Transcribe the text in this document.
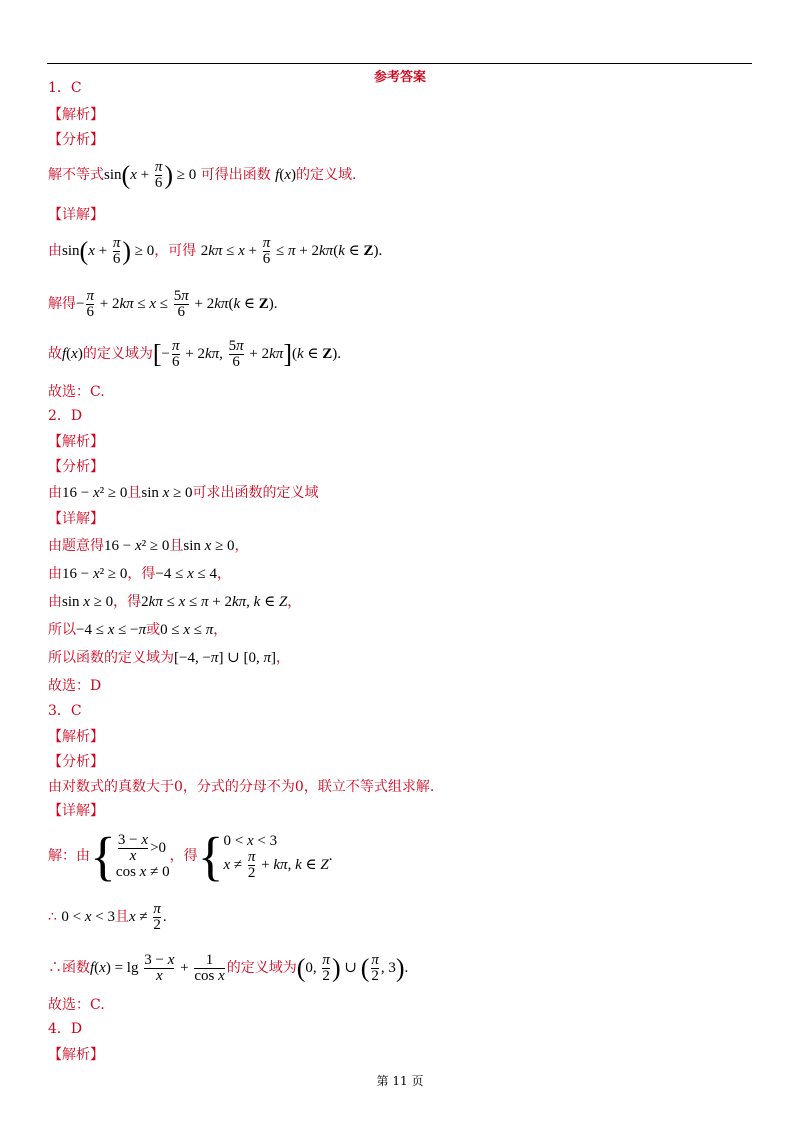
参考答案
1．C
【解析】
【分析】
解不等式$\sin(x + \frac{\pi}{6}$ ) ≥ 0 可得出函数 f(x)的定义域.
【详解】
由$\sin(x + \frac{\pi}{6}$ ) ≥ 0，可得 $2k\pi \le x + \frac{\pi}{6} \le \pi + 2k\pi(k$ ∈ Z).
解得− $\frac{\pi}{6} + 2k\pi \le x \le \frac{5\pi}{6} + 2k\pi(k$ ∈ Z).
故f(x)的定义域为[− $\frac{\pi}{6} + 2k\pi$, $\frac{5\pi}{6} + 2k\pi](k$ ∈ Z).
故选：C.
2．D
【解析】
【分析】
由16 − x² ≥ 0且sin x ≥ 0可求出函数的定义域
【详解】
由题意得16 − x² ≥ 0且sin x ≥ 0，
由16 − x² ≥ 0，得−4 ≤ x ≤ 4，
由sin x ≥ 0，得2kπ ≤ x ≤ π + 2kπ, k ∈ Z，
所以−4 ≤ x ≤ −π或0 ≤ x ≤ π，
所以函数的定义域为[−4, −π] ∪ [0, π]，
故选：D
3．C
【解析】
【分析】
由对数式的真数大于0，分式的分母不为0，联立不等式组求解.
【详解】
解：由{ $\frac{3 - x}{x} >0$
cos x ≠ 0
，得{ 0 < x < 3
$x \ne \frac{\pi}{2} + k\pi$, k ∈ Z
.
∴ 0 < x < 3且$x \ne \frac{\pi}{2}$ .
∴函数$f(x) = \lg \frac{3 - x}{x} + \frac{1}{\text{cos x}}$ 的定义域为(0, $\frac{\pi}{2}$ ) ∪ ( $\frac{\pi}{2}$ , 3).
故选：C.
4．D
【解析】
第 11 页
